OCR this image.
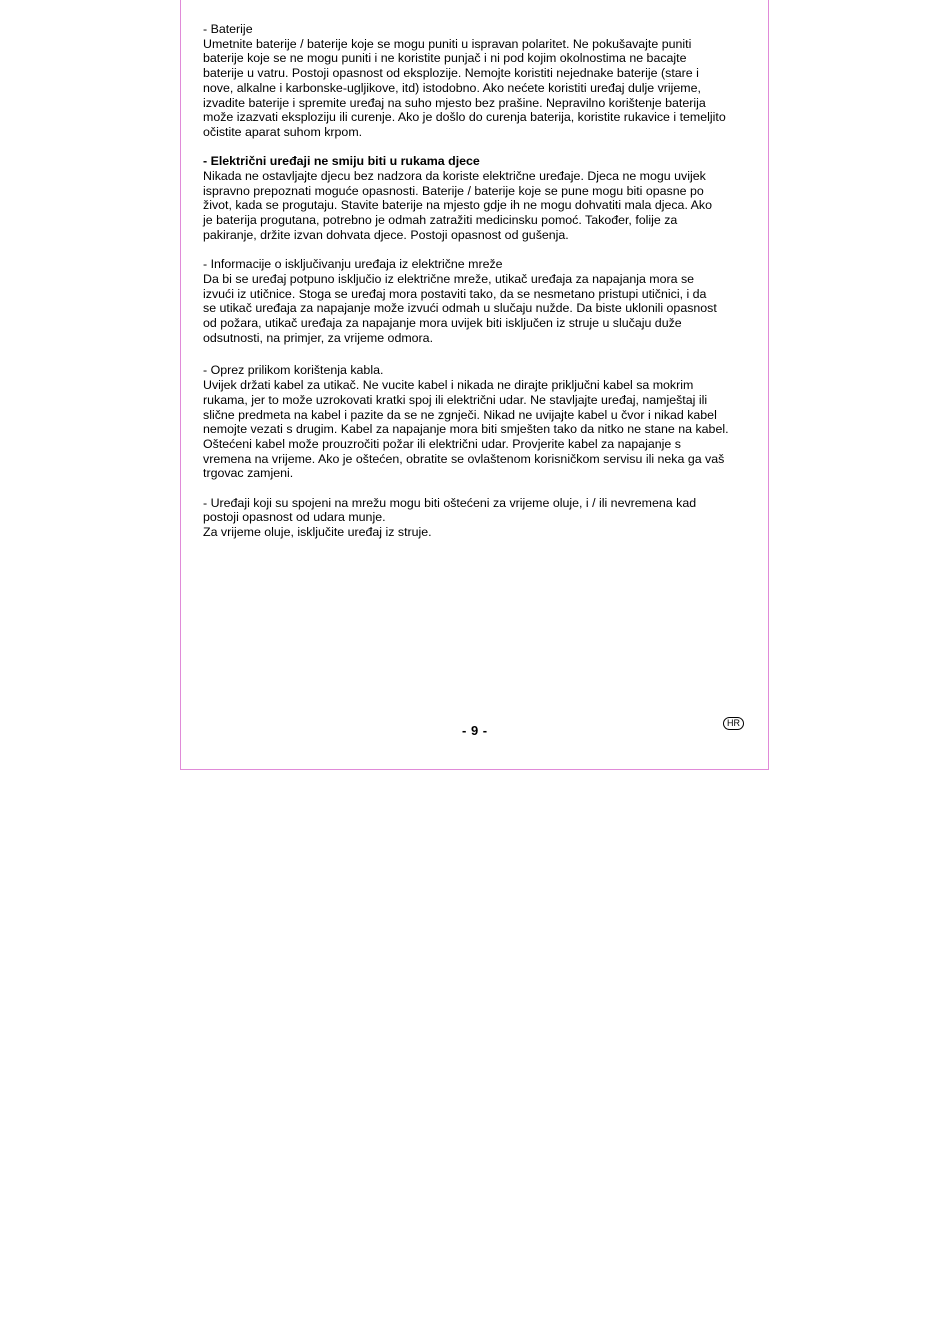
- Baterije
Umetnite baterije / baterije koje se mogu puniti u ispravan polaritet. Ne pokušavajte puniti
baterije koje se ne mogu puniti i ne koristite punjač i ni pod kojim okolnostima ne bacajte
baterije u vatru. Postoji opasnost od eksplozije. Nemojte koristiti nejednake baterije (stare i
nove, alkalne i karbonske-ugljikove, itd) istodobno. Ako nećete koristiti uređaj dulje vrijeme,
izvadite baterije i spremite uređaj na suho mjesto bez prašine. Nepravilno korištenje baterija
može izazvati eksploziju ili curenje. Ako je došlo do curenja baterija, koristite rukavice i temeljito
očistite aparat suhom krpom.
- Električni uređaji ne smiju biti u rukama djece
Nikada ne ostavljajte djecu bez nadzora da koriste električne uređaje. Djeca ne mogu uvijek
ispravno prepoznati moguće opasnosti. Baterije / baterije koje se pune mogu biti opasne po
život, kada se progutaju. Stavite baterije na mjesto gdje ih ne mogu dohvatiti mala djeca. Ako
je baterija progutana, potrebno je odmah zatražiti medicinsku pomoć. Također, folije za
pakiranje, držite izvan dohvata djece. Postoji opasnost od gušenja.
- Informacije o isključivanju uređaja iz električne mreže
Da bi se uređaj potpuno isključio iz električne mreže, utikač uređaja za napajanja mora se
izvući iz utičnice. Stoga se uređaj mora postaviti tako, da se nesmetano pristupi utičnici, i da
se utikač uređaja za napajanje može izvući odmah u slučaju nužde. Da biste uklonili opasnost
od požara, utikač uređaja za napajanje mora uvijek biti isključen iz struje u slučaju duže
odsutnosti, na primjer, za vrijeme odmora.
- Oprez prilikom korištenja kabla.
Uvijek držati kabel za utikač. Ne vucite kabel i nikada ne dirajte priključni kabel sa mokrim
rukama, jer to može uzrokovati kratki spoj ili električni udar. Ne stavljajte uređaj, namještaj ili
slične predmeta na kabel i pazite da se ne zgnječi. Nikad ne uvijajte kabel u čvor i nikad kabel
nemojte vezati s drugim. Kabel za napajanje mora biti smješten tako da nitko ne stane na kabel.
Oštećeni kabel može prouzročiti požar ili električni udar. Provjerite kabel za napajanje s
vremena na vrijeme. Ako je oštećen, obratite se ovlaštenom korisničkom servisu ili neka ga vaš
trgovac zamjeni.
- Uređaji koji su spojeni na mrežu mogu biti oštećeni za vrijeme oluje, i / ili nevremena kad
postoji opasnost od udara munje.
Za vrijeme oluje, isključite uređaj iz struje.
- 9 -	HR
